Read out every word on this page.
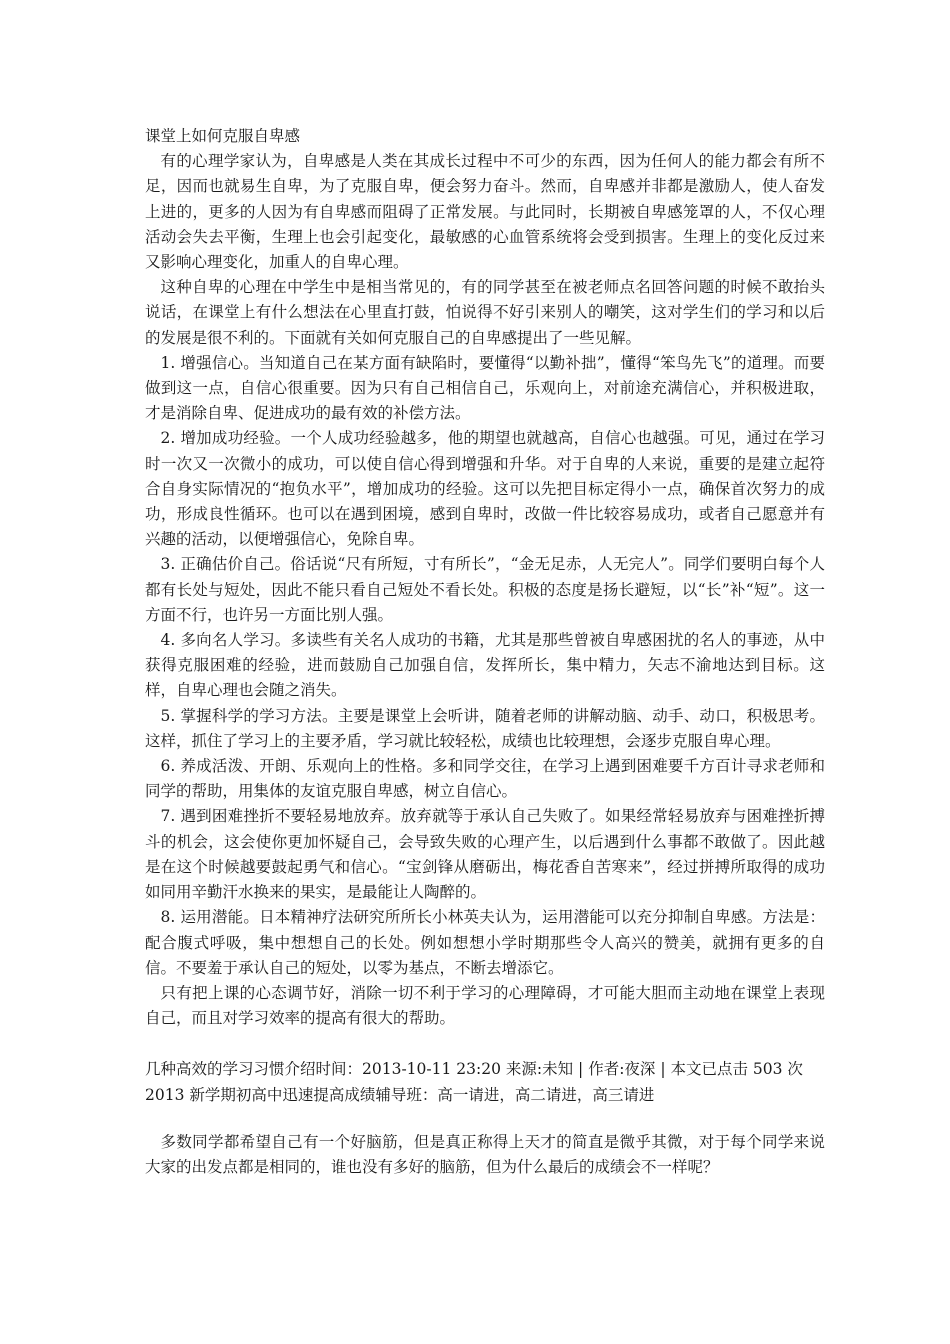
课堂上如何克服自卑感

有的心理学家认为，自卑感是人类在其成长过程中不可少的东西，因为任何人的能力都会有所不足，因而也就易生自卑，为了克服自卑，便会努力奋斗。然而，自卑感并非都是激励人，使人奋发上进的，更多的人因为有自卑感而阻碍了正常发展。与此同时，长期被自卑感笼罩的人，不仅心理活动会失去平衡，生理上也会引起变化，最敏感的心血管系统将会受到损害。生理上的变化反过来又影响心理变化，加重人的自卑心理。

这种自卑的心理在中学生中是相当常见的，有的同学甚至在被老师点名回答问题的时候不敢抬头说话，在课堂上有什么想法在心里直打鼓，怕说得不好引来别人的嘲笑，这对学生们的学习和以后的发展是很不利的。下面就有关如何克服自己的自卑感提出了一些见解。

1. 增强信心。当知道自己在某方面有缺陷时，要懂得“以勤补拙”，懂得“笨鸟先飞”的道理。而要做到这一点，自信心很重要。因为只有自己相信自己，乐观向上，对前途充满信心，并积极进取，才是消除自卑、促进成功的最有效的补偿方法。

2. 增加成功经验。一个人成功经验越多，他的期望也就越高，自信心也越强。可见，通过在学习时一次又一次微小的成功，可以使自信心得到增强和升华。对于自卑的人来说，重要的是建立起符合自身实际情况的“抱负水平”，增加成功的经验。这可以先把目标定得小一点，确保首次努力的成功，形成良性循环。也可以在遇到困境，感到自卑时，改做一件比较容易成功，或者自己愿意并有兴趣的活动，以便增强信心，免除自卑。

3. 正确估价自己。俗话说“尺有所短，寸有所长”，“金无足赤，人无完人”。同学们要明白每个人都有长处与短处，因此不能只看自己短处不看长处。积极的态度是扬长避短，以“长”补“短”。这一方面不行，也许另一方面比别人强。

4. 多向名人学习。多读些有关名人成功的书籍，尤其是那些曾被自卑感困扰的名人的事迹，从中获得克服困难的经验，进而鼓励自己加强自信，发挥所长，集中精力，矢志不渝地达到目标。这样，自卑心理也会随之消失。

5. 掌握科学的学习方法。主要是课堂上会听讲，随着老师的讲解动脑、动手、动口，积极思考。这样，抓住了学习上的主要矛盾，学习就比较轻松，成绩也比较理想，会逐步克服自卑心理。

6. 养成活泼、开朗、乐观向上的性格。多和同学交往，在学习上遇到困难要千方百计寻求老师和同学的帮助，用集体的友谊克服自卑感，树立自信心。

7. 遇到困难挫折不要轻易地放弃。放弃就等于承认自己失败了。如果经常轻易放弃与困难挫折搏斗的机会，这会使你更加怀疑自己，会导致失败的心理产生，以后遇到什么事都不敢做了。因此越是在这个时候越要鼓起勇气和信心。“宝剑锋从磨砺出，梅花香自苦寒来”，经过拼搏所取得的成功如同用辛勤汗水换来的果实，是最能让人陶醉的。

8. 运用潜能。日本精神疗法研究所所长小林英夫认为，运用潜能可以充分抑制自卑感。方法是：配合腹式呼吸，集中想想自己的长处。例如想想小学时期那些令人高兴的赞美，就拥有更多的自信。不要羞于承认自己的短处，以零为基点，不断去增添它。

只有把上课的心态调节好，消除一切不利于学习的心理障碍，才可能大胆而主动地在课堂上表现自己，而且对学习效率的提高有很大的帮助。

几种高效的学习习惯介绍时间：2013-10-11 23:20 来源:未知 | 作者:夜深 | 本文已点击 503 次

2013 新学期初高中迅速提高成绩辅导班：高一请进，高二请进，高三请进

多数同学都希望自己有一个好脑筋，但是真正称得上天才的简直是微乎其微，对于每个同学来说大家的出发点都是相同的，谁也没有多好的脑筋，但为什么最后的成绩会不一样呢？
